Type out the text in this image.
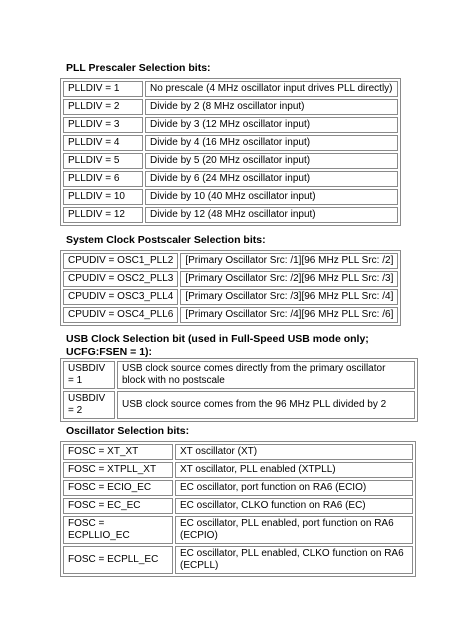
PLL Prescaler Selection bits:
PLLDIV = 1	No prescale (4 MHz oscillator input drives PLL directly)
PLLDIV = 2	Divide by 2 (8 MHz oscillator input)
PLLDIV = 3	Divide by 3 (12 MHz oscillator input)
PLLDIV = 4	Divide by 4 (16 MHz oscillator input)
PLLDIV = 5	Divide by 5 (20 MHz oscillator input)
PLLDIV = 6	Divide by 6 (24 MHz oscillator input)
PLLDIV = 10	Divide by 10 (40 MHz oscillator input)
PLLDIV = 12	Divide by 12 (48 MHz oscillator input)
System Clock Postscaler Selection bits:
CPUDIV = OSC1_PLL2	[Primary Oscillator Src: /1][96 MHz PLL Src: /2]
CPUDIV = OSC2_PLL3	[Primary Oscillator Src: /2][96 MHz PLL Src: /3]
CPUDIV = OSC3_PLL4	[Primary Oscillator Src: /3][96 MHz PLL Src: /4]
CPUDIV = OSC4_PLL6	[Primary Oscillator Src: /4][96 MHz PLL Src: /6]
USB Clock Selection bit (used in Full-Speed USB mode only; UCFG:FSEN = 1):
USBDIV = 1	USB clock source comes directly from the primary oscillator block with no postscale
USBDIV = 2	USB clock source comes from the 96 MHz PLL divided by 2
Oscillator Selection bits:
FOSC = XT_XT	XT oscillator (XT)
FOSC = XTPLL_XT	XT oscillator, PLL enabled (XTPLL)
FOSC = ECIO_EC	EC oscillator, port function on RA6 (ECIO)
FOSC = EC_EC	EC oscillator, CLKO function on RA6 (EC)
FOSC = ECPLLIO_EC	EC oscillator, PLL enabled, port function on RA6 (ECPIO)
FOSC = ECPLL_EC	EC oscillator, PLL enabled, CLKO function on RA6 (ECPLL)
